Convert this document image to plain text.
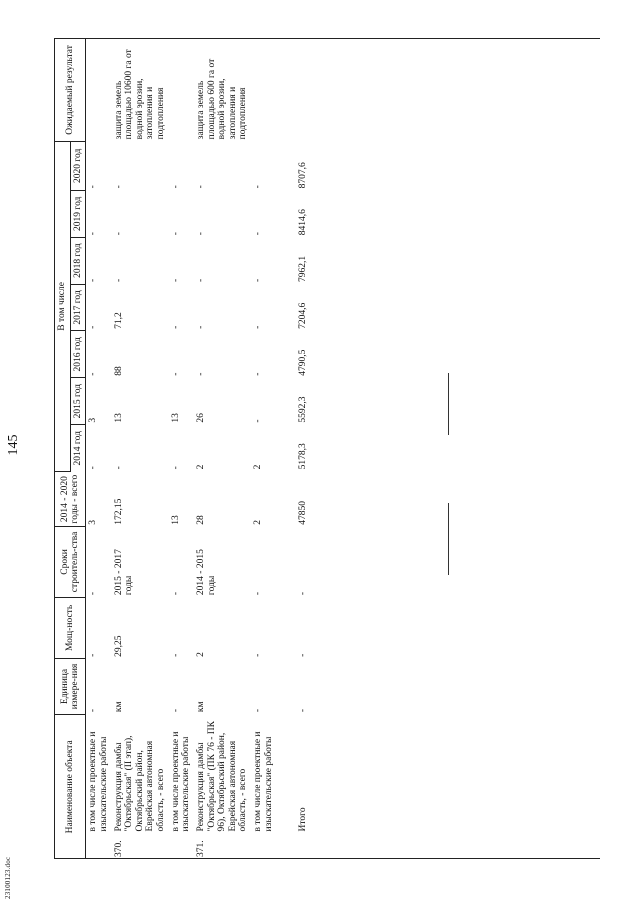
145
Наименование объекта		Единица измере-ния	Мощ-ность	Сроки строитель-ства	2014 - 2020 годы - всего	В том числе							Ожидаемый результат
						2014 год	2015 год	2016 год	2017 год	2018 год	2019 год	2020 год	
	в том числе проектные и изыскательские работы	-	-	-	3	-	3	-	-	-	-	-	
370.	Реконструкция дамбы "Октябрьская" (II этап), Октябрьский район, Еврейская автономная область, - всего	км	29,25	2015 - 2017 годы	172,15	-	13	88	71,2	-	-	-	защита земель площадью 10600 га от водной эрозии, затопления и подтопления
	в том числе проектные и изыскательские работы	-	-	-	13	-	13	-	-	-	-	-	
371.	Реконструкция дамбы "Октябрьская" (ПК 76 - ПК 96), Октябрьский район, Еврейская автономная область, - всего	км	2	2014 - 2015 годы	28	2	26	-	-	-	-	-	защита земель площадью 600 га от водной эрозии, затопления и подтопления
	в том числе проектные и изыскательские работы	-	-	-	2	2	-	-	-	-	-	-	
	Итого	-	-	-	47850	5178,3	5592,3	4790,5	7204,6	7962,1	8414,6	8707,6	
23100123.doc
